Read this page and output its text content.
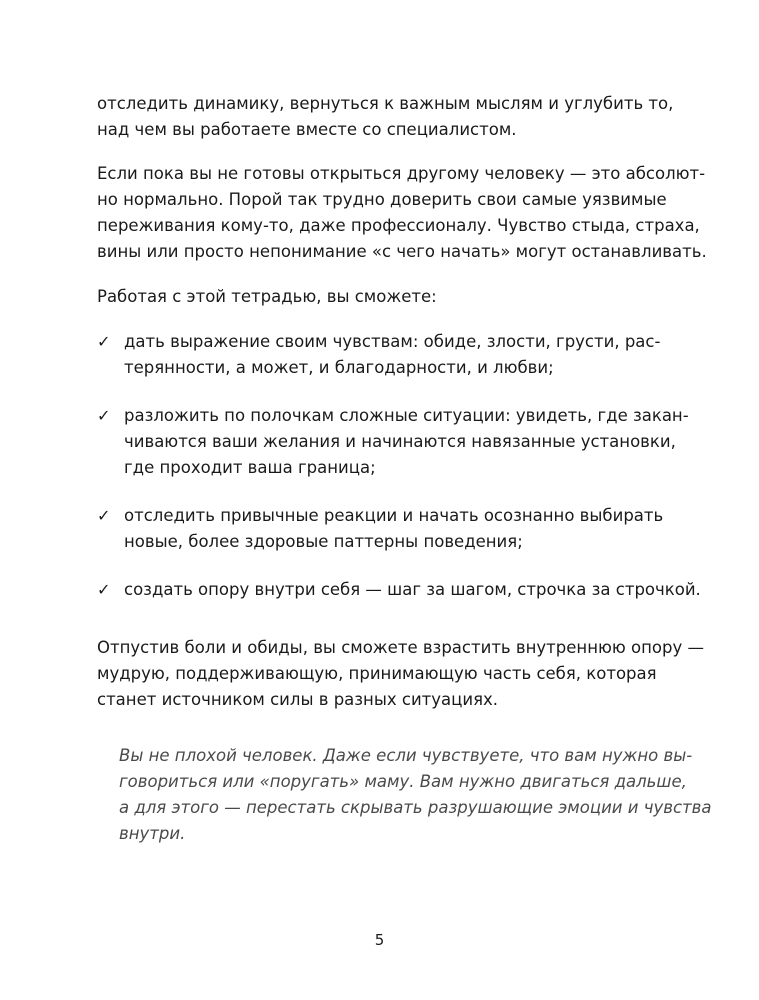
отследить динамику, вернуться к важным мыслям и углубить то,
над чем вы работаете вместе со специалистом.
Если пока вы не готовы открыться другому человеку — это абсолют-
но нормально. Порой так трудно доверить свои самые уязвимые
переживания кому-то, даже профессионалу. Чувство стыда, страха,
вины или просто непонимание «с чего начать» могут останавливать.
Работая с этой тетрадью, вы сможете:
✓ дать выражение своим чувствам: обиде, злости, грусти, рас-
терянности, а может, и благодарности, и любви;
✓ разложить по полочкам сложные ситуации: увидеть, где закан-
чиваются ваши желания и начинаются навязанные установки,
где проходит ваша граница;
✓ отследить привычные реакции и начать осознанно выбирать
новые, более здоровые паттерны поведения;
✓ создать опору внутри себя — шаг за шагом, строчка за строчкой.
Отпустив боли и обиды, вы сможете взрастить внутреннюю опору —
мудрую, поддерживающую, принимающую часть себя, которая
станет источником силы в разных ситуациях.
Вы не плохой человек. Даже если чувствуете, что вам нужно вы-
говориться или «поругать» маму. Вам нужно двигаться дальше,
а для этого — перестать скрывать разрушающие эмоции и чувства
внутри.
5
